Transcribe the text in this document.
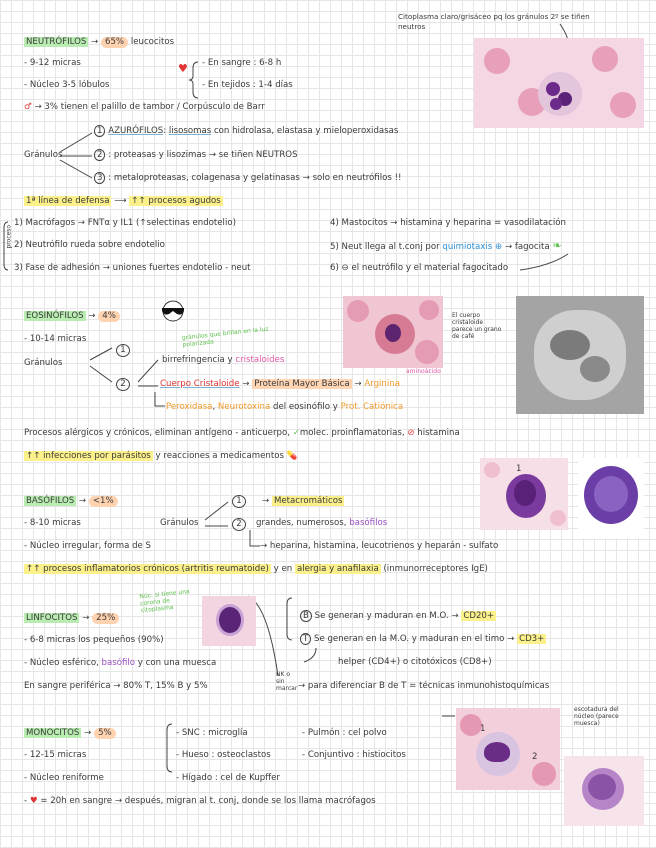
NEUTRÓFILOS → 65% leucocitos
- 9-12 micras
- Núcleo 3-5 lóbulos
♥ - En sangre : 6-8 h
- En tejidos : 1-4 días
♂ → 3% tienen el palillo de tambor / Corpúsculo de Barr
Citoplasma claro/grisáceo pq los gránulos 2º se tiñen neutros
Gránulos
1 AZURÓFILOS: lisosomas con hidrolasa, elastasa y mieloperoxidasas
2 : proteasas y lisozimas → se tiñen NEUTROS
3 : metaloproteasas, colagenasa y gelatinasas → solo en neutrófilos !!
1ª línea de defensa ⟶ ↑↑ procesos agudos
proceso
1) Macrófagos → FNTα y IL1 (↑selectinas endotelio)
2) Neutrófilo rueda sobre endotelio
3) Fase de adhesión → uniones fuertes endotelio - neut
4) Mastocitos → histamina y heparina = vasodilatación
5) Neut llega al t.conj por quimiotaxis ⊕ → fagocita ❧
6) ⊖ el neutrófilo y el material fagocitado
EOSINÓFILOS → 4%
- 10-14 micras
Gránulos
1
2
gránulos que brillan en la luz polarizada
birrefringencia y cristaloides
Cuerpo Cristaloide → Proteína Mayor Básica → Arginina
aminoácido
Peroxidasa, Neurotoxina del eosinófilo y Prot. Catiónica
El cuerpo cristaloide parece un grano de café
Procesos alérgicos y crónicos, eliminan antígeno - anticuerpo, ✓molec. proinflamatorias, ⊘ histamina
↑↑ infecciones por parásitos y reacciones a medicamentos 💊
BASÓFILOS → <1%
- 8-10 micras
- Núcleo irregular, forma de S
Gránulos
1
2
→ Metacromáticos
grandes, numerosos, basófilos
→ heparina, histamina, leucotrienos y heparán - sulfato
↑↑ procesos inflamatorios crónicos (artritis reumatoide) y en alergia y anafilaxia (inmunorreceptores IgE)
1
LINFOCITOS → 25%
- 6-8 micras los pequeños (90%)
- Núcleo esférico, basófilo y con una muesca
Núc. si tiene una corona de citoplasma
NK o sin marcar
En sangre periférica → 80% T, 15% B y 5%	→ para diferenciar B de T = técnicas inmunohistoquímicas
B Se generan y maduran en M.O. → CD20+
T Se generan en la M.O. y maduran en el timo → CD3+
helper (CD4+) o citotóxicos (CD8+)
MONOCITOS → 5%
- 12-15 micras
- Núcleo reniforme
- SNC : microglía
- Hueso : osteoclastos
- Hígado : cel de Kupffer
- Pulmón : cel polvo
- Conjuntivo : histiocitos
- ♥ = 20h en sangre → después, migran al t. conj, donde se los llama macrófagos
1
2
escotadura del núcleo (parece muesca)
